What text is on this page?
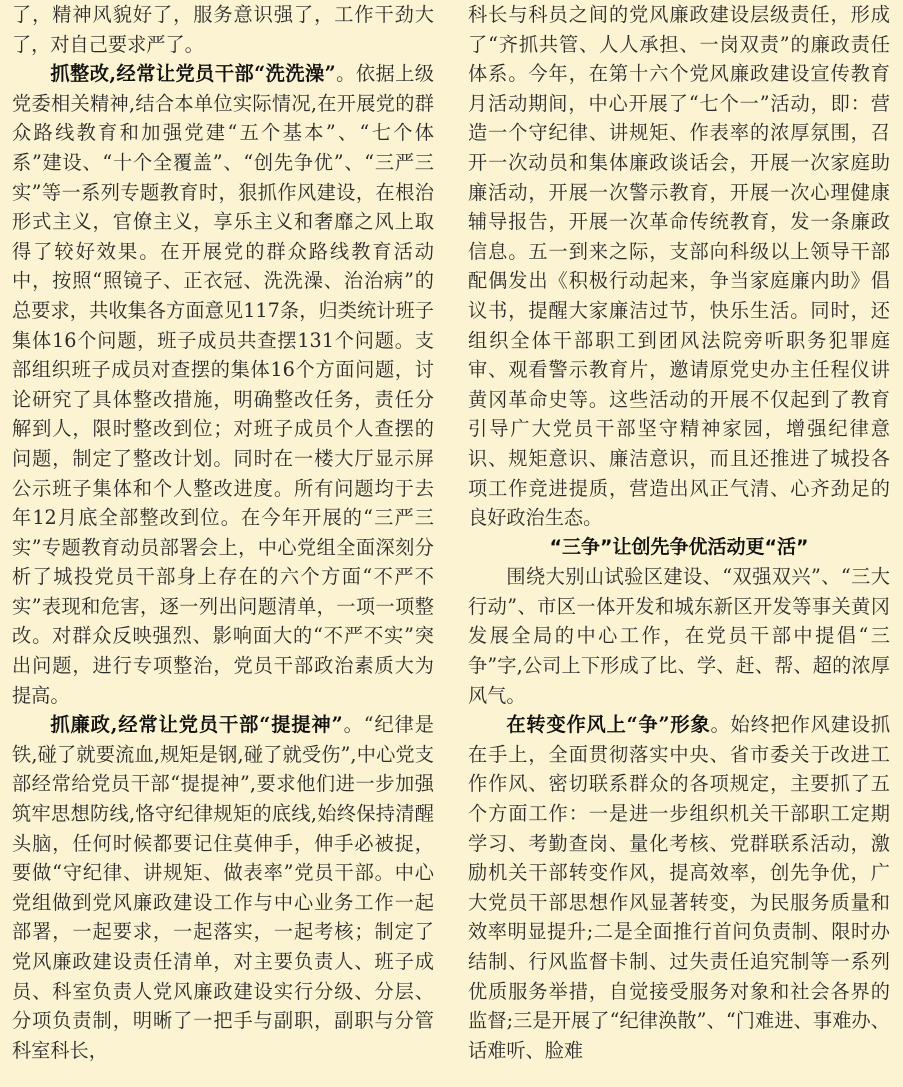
了，精神风貌好了，服务意识强了，工作干劲大了，对自己要求严了。

抓整改,经常让党员干部“洗洗澡”。依据上级党委相关精神,结合本单位实际情况,在开展党的群众路线教育和加强党建“五个基本”、“七个体系”建设、“十个全覆盖”、“创先争优”、“三严三实”等一系列专题教育时，狠抓作风建设，在根治形式主义，官僚主义，享乐主义和奢靡之风上取得了较好效果。在开展党的群众路线教育活动中，按照“照镜子、正衣冠、洗洗澡、治治病”的总要求，共收集各方面意见117条，归类统计班子集体16个问题，班子成员共查摆131个问题。支部组织班子成员对查摆的集体16个方面问题，讨论研究了具体整改措施，明确整改任务，责任分解到人，限时整改到位；对班子成员个人查摆的问题，制定了整改计划。同时在一楼大厅显示屏公示班子集体和个人整改进度。所有问题均于去年12月底全部整改到位。在今年开展的“三严三实”专题教育动员部署会上，中心党组全面深刻分析了城投党员干部身上存在的六个方面“不严不实”表现和危害，逐一列出问题清单，一项一项整改。对群众反映强烈、影响面大的“不严不实”突出问题，进行专项整治，党员干部政治素质大为提高。

抓廉政,经常让党员干部“提提神”。“纪律是铁,碰了就要流血,规矩是钢,碰了就受伤”,中心党支部经常给党员干部“提提神”,要求他们进一步加强筑牢思想防线,恪守纪律规矩的底线,始终保持清醒头脑，任何时候都要记住莫伸手，伸手必被捉，要做“守纪律、讲规矩、做表率”党员干部。中心党组做到党风廉政建设工作与中心业务工作一起部署，一起要求，一起落实，一起考核；制定了党风廉政建设责任清单，对主要负责人、班子成员、科室负责人党风廉政建设实行分级、分层、分项负责制，明晰了一把手与副职，副职与分管科室科长，

科长与科员之间的党风廉政建设层级责任，形成了“齐抓共管、人人承担、一岗双责”的廉政责任体系。今年，在第十六个党风廉政建设宣传教育月活动期间，中心开展了“七个一”活动，即：营造一个守纪律、讲规矩、作表率的浓厚氛围，召开一次动员和集体廉政谈话会，开展一次家庭助廉活动，开展一次警示教育，开展一次心理健康辅导报告，开展一次革命传统教育，发一条廉政信息。五一到来之际，支部向科级以上领导干部配偶发出《积极行动起来，争当家庭廉内助》倡议书，提醒大家廉洁过节，快乐生活。同时，还组织全体干部职工到团风法院旁听职务犯罪庭审、观看警示教育片，邀请原党史办主任程仪讲黄冈革命史等。这些活动的开展不仅起到了教育引导广大党员干部坚守精神家园，增强纪律意识、规矩意识、廉洁意识，而且还推进了城投各项工作竞进提质，营造出风正气清、心齐劲足的良好政治生态。

“三争”让创先争优活动更“活”

围绕大别山试验区建设、“双强双兴”、“三大行动”、市区一体开发和城东新区开发等事关黄冈发展全局的中心工作，在党员干部中提倡“三争”字,公司上下形成了比、学、赶、帮、超的浓厚风气。

在转变作风上“争”形象。始终把作风建设抓在手上，全面贯彻落实中央、省市委关于改进工作作风、密切联系群众的各项规定，主要抓了五个方面工作：一是进一步组织机关干部职工定期学习、考勤查岗、量化考核、党群联系活动，激励机关干部转变作风，提高效率，创先争优，广大党员干部思想作风显著转变，为民服务质量和效率明显提升;二是全面推行首问负责制、限时办结制、行风监督卡制、过失责任追究制等一系列优质服务举措，自觉接受服务对象和社会各界的监督;三是开展了“纪律涣散”、“门难进、事难办、话难听、脸难
